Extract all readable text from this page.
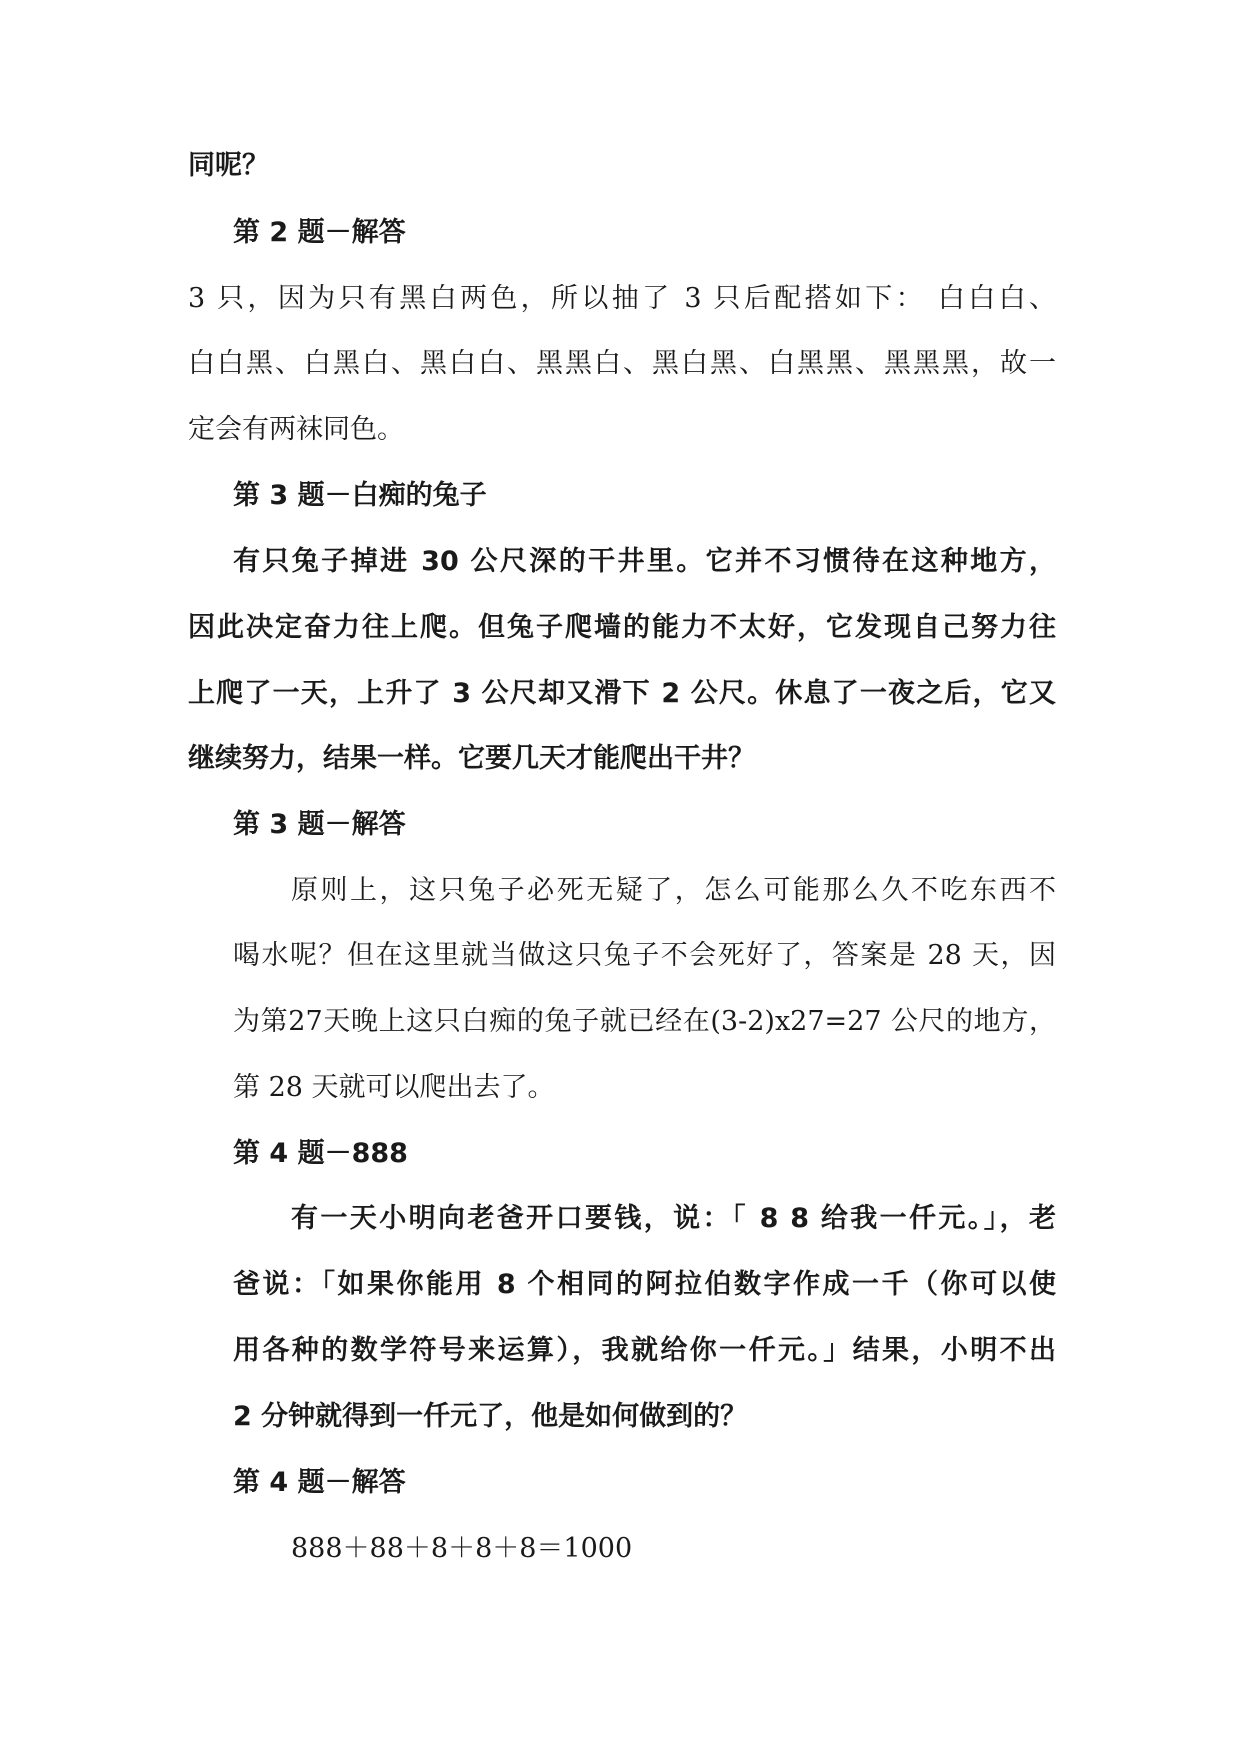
同呢？

第 2 题－解答

3 只，因为只有黑白两色，所以抽了 3 只后配搭如下： 白白白、

白白黑、白黑白、黑白白、黑黑白、黑白黑、白黑黑、黑黑黑，故一

定会有两袜同色。

第 3 题－白痴的兔子

有只兔子掉进 30 公尺深的干井里。它并不习惯待在这种地方，

因此决定奋力往上爬。但兔子爬墙的能力不太好，它发现自己努力往

上爬了一天，上升了 3 公尺却又滑下 2 公尺。休息了一夜之后，它又

继续努力，结果一样。它要几天才能爬出干井？

第 3 题－解答

原则上，这只兔子必死无疑了，怎么可能那么久不吃东西不

喝水呢？但在这里就当做这只兔子不会死好了，答案是 28 天，因

为第27天晚上这只白痴的兔子就已经在(3-2)x27=27 公尺的地方，

第 28 天就可以爬出去了。

第 4 题－888

有一天小明向老爸开口要钱，说：「 8 8 给我一仟元。」，老

爸说：「如果你能用 8 个相同的阿拉伯数字作成一千（你可以使

用各种的数学符号来运算），我就给你一仟元。」结果，小明不出

2 分钟就得到一仟元了，他是如何做到的？

第 4 题－解答

888＋88＋8＋8＋8＝1000
